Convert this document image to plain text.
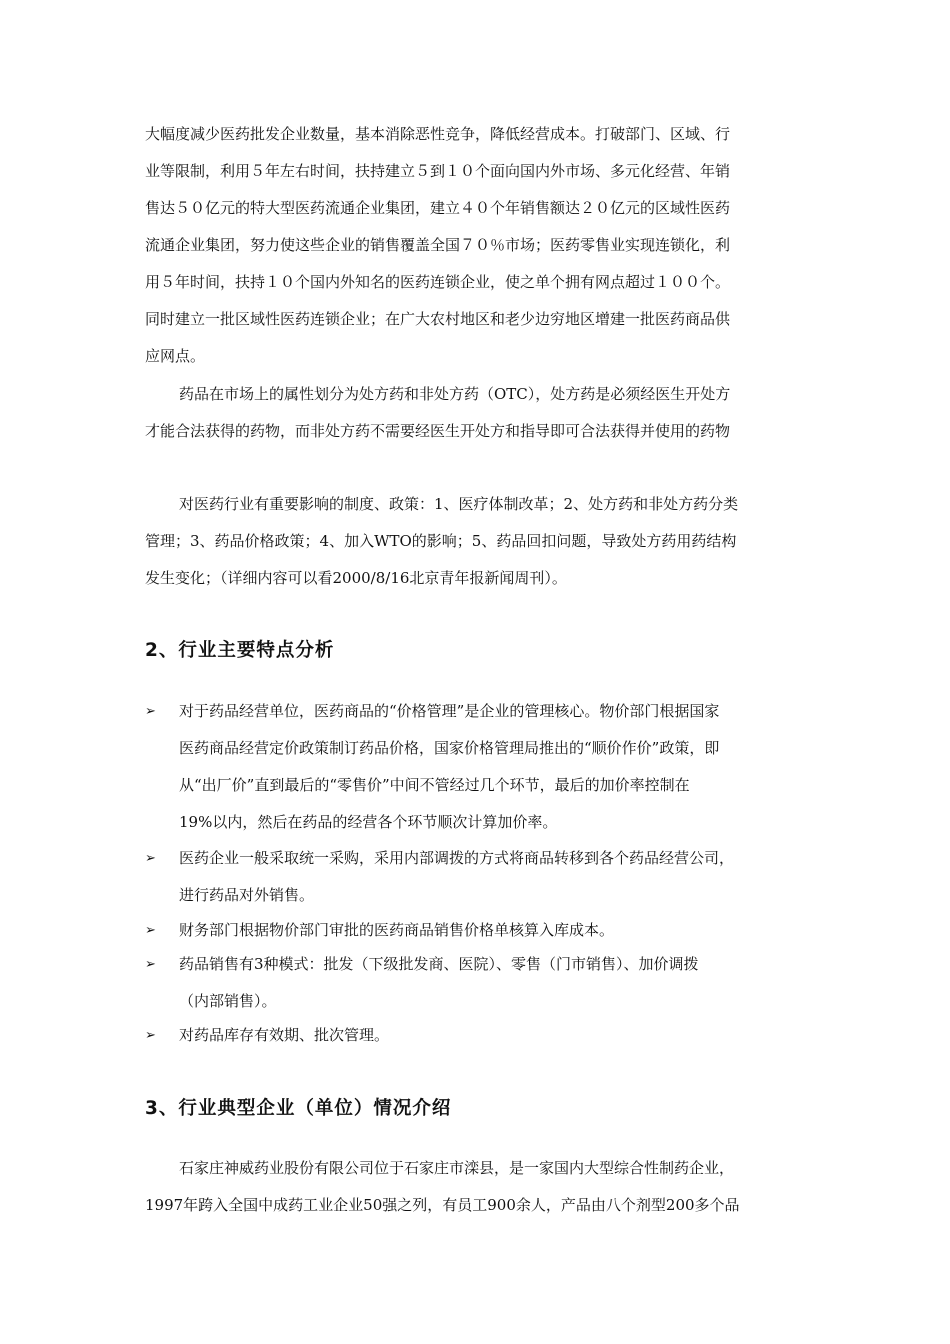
大幅度减少医药批发企业数量，基本消除恶性竞争，降低经营成本。打破部门、区域、行
业等限制，利用５年左右时间，扶持建立５到１０个面向国内外市场、多元化经营、年销
售达５０亿元的特大型医药流通企业集团，建立４０个年销售额达２０亿元的区域性医药
流通企业集团，努力使这些企业的销售覆盖全国７０％市场；医药零售业实现连锁化，利
用５年时间，扶持１０个国内外知名的医药连锁企业，使之单个拥有网点超过１００个。
同时建立一批区域性医药连锁企业；在广大农村地区和老少边穷地区增建一批医药商品供
应网点。
药品在市场上的属性划分为处方药和非处方药（OTC），处方药是必须经医生开处方
才能合法获得的药物，而非处方药不需要经医生开处方和指导即可合法获得并使用的药物
对医药行业有重要影响的制度、政策：1、医疗体制改革；2、处方药和非处方药分类
管理；3、药品价格政策；4、加入WTO的影响；5、药品回扣问题，导致处方药用药结构
发生变化；（详细内容可以看2000/8/16北京青年报新闻周刊）。
2、行业主要特点分析
➢ 对于药品经营单位，医药商品的“价格管理”是企业的管理核心。物价部门根据国家
医药商品经营定价政策制订药品价格，国家价格管理局推出的“顺价作价”政策，即
从“出厂价”直到最后的“零售价”中间不管经过几个环节，最后的加价率控制在
19%以内，然后在药品的经营各个环节顺次计算加价率。
➢ 医药企业一般采取统一采购，采用内部调拨的方式将商品转移到各个药品经营公司，
进行药品对外销售。
➢ 财务部门根据物价部门审批的医药商品销售价格单核算入库成本。
➢ 药品销售有3种模式：批发（下级批发商、医院）、零售（门市销售）、加价调拨
（内部销售）。
➢ 对药品库存有效期、批次管理。
3、行业典型企业（单位）情况介绍
石家庄神威药业股份有限公司位于石家庄市滦县，是一家国内大型综合性制药企业，
1997年跨入全国中成药工业企业50强之列，有员工900余人，产品由八个剂型200多个品
